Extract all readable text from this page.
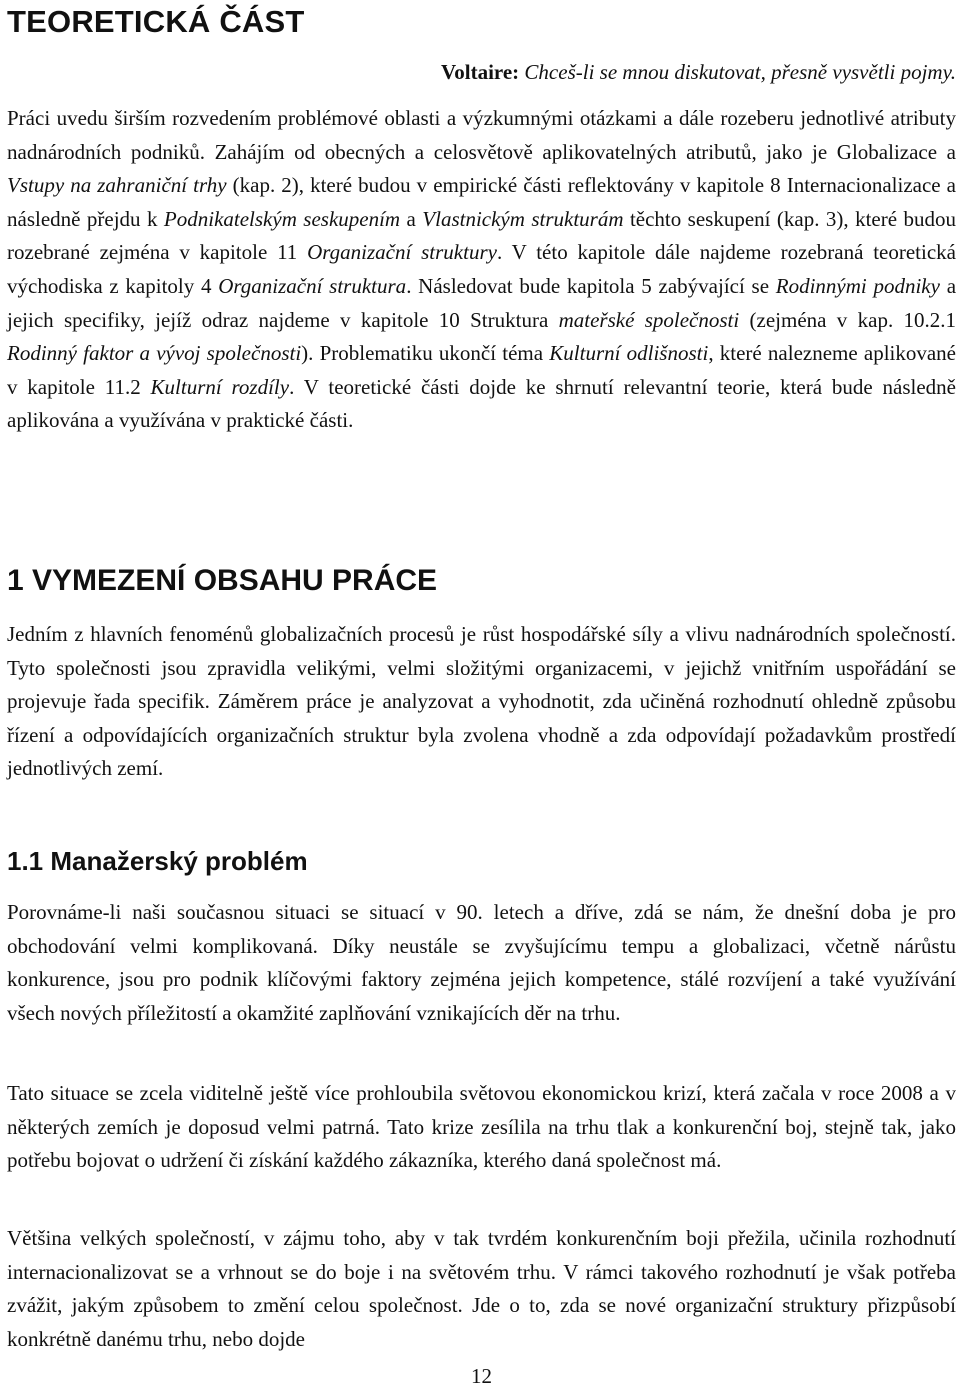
TEORETICKÁ ČÁST
Voltaire: Chceš-li se mnou diskutovat, přesně vysvětli pojmy.

Práci uvedu širším rozvedením problémové oblasti a výzkumnými otázkami a dále rozeberu jednotlivé atributy nadnárodních podniků. Zahájím od obecných a celosvětově aplikovatelných atributů, jako je Globalizace a Vstupy na zahraniční trhy (kap. 2), které budou v empirické části reflektovány v kapitole 8 Internacionalizace a následně přejdu k Podnikatelským seskupením a Vlastnickým strukturám těchto seskupení (kap. 3), které budou rozebrané zejména v kapitole 11 Organizační struktury. V této kapitole dále najdeme rozebraná teoretická východiska z kapitoly 4 Organizační struktura. Následovat bude kapitola 5 zabývající se Rodinnými podniky a jejich specifiky, jejíž odraz najdeme v kapitole 10 Struktura mateřské společnosti (zejména v kap. 10.2.1 Rodinný faktor a vývoj společnosti). Problematiku ukončí téma Kulturní odlišnosti, které nalezneme aplikované v kapitole 11.2 Kulturní rozdíly. V teoretické části dojde ke shrnutí relevantní teorie, která bude následně aplikována a využívána v praktické části.

1 VYMEZENÍ OBSAHU PRÁCE

Jedním z hlavních fenoménů globalizačních procesů je růst hospodářské síly a vlivu nadnárodních společností. Tyto společnosti jsou zpravidla velikými, velmi složitými organizacemi, v jejichž vnitřním uspořádání se projevuje řada specifik. Záměrem práce je analyzovat a vyhodnotit, zda učiněná rozhodnutí ohledně způsobu řízení a odpovídajících organizačních struktur byla zvolena vhodně a zda odpovídají požadavkům prostředí jednotlivých zemí.

1.1 Manažerský problém

Porovnáme-li naši současnou situaci se situací v 90. letech a dříve, zdá se nám, že dnešní doba je pro obchodování velmi komplikovaná. Díky neustále se zvyšujícímu tempu a globalizaci, včetně nárůstu konkurence, jsou pro podnik klíčovými faktory zejména jejich kompetence, stálé rozvíjení a také využívání všech nových příležitostí a okamžité zaplňování vznikajících děr na trhu.

Tato situace se zcela viditelně ještě více prohloubila světovou ekonomickou krizí, která začala v roce 2008 a v některých zemích je doposud velmi patrná. Tato krize zesílila na trhu tlak a konkurenční boj, stejně tak, jako potřebu bojovat o udržení či získání každého zákazníka, kterého daná společnost má.

Většina velkých společností, v zájmu toho, aby v tak tvrdém konkurenčním boji přežila, učinila rozhodnutí internacionalizovat se a vrhnout se do boje i na světovém trhu. V rámci takového rozhodnutí je však potřeba zvážit, jakým způsobem to změní celou společnost. Jde o to, zda se nové organizační struktury přizpůsobí konkrétně danému trhu, nebo dojde

12
